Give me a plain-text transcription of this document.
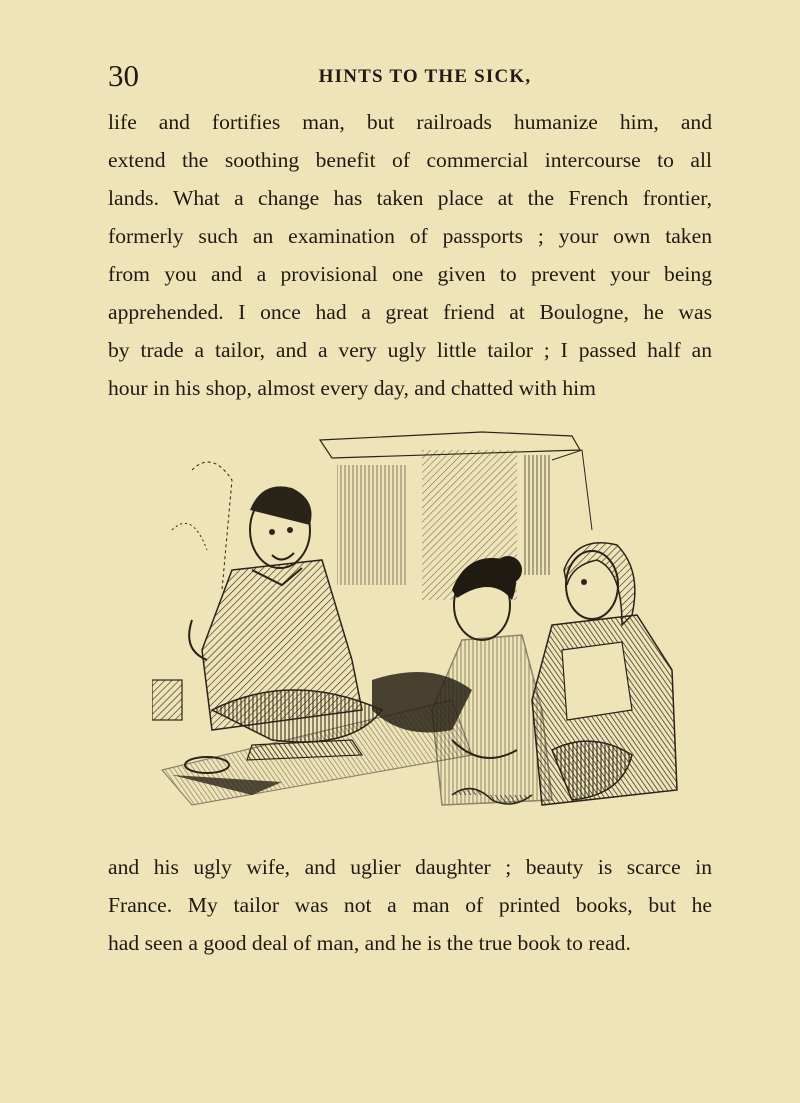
30	HINTS TO THE SICK,
life and fortifies man, but railroads humanize him, and
extend the soothing benefit of commercial intercourse to all
lands. What a change has taken place at the French frontier,
formerly such an examination of passports ; your own taken
from you and a provisional one given to prevent your being
apprehended. I once had a great friend at Boulogne, he was
by trade a tailor, and a very ugly little tailor ; I passed half an
hour in his shop, almost every day, and chatted with him
and his ugly wife, and uglier daughter ; beauty is scarce in
France. My tailor was not a man of printed books, but he
had seen a good deal of man, and he is the true book to read.
